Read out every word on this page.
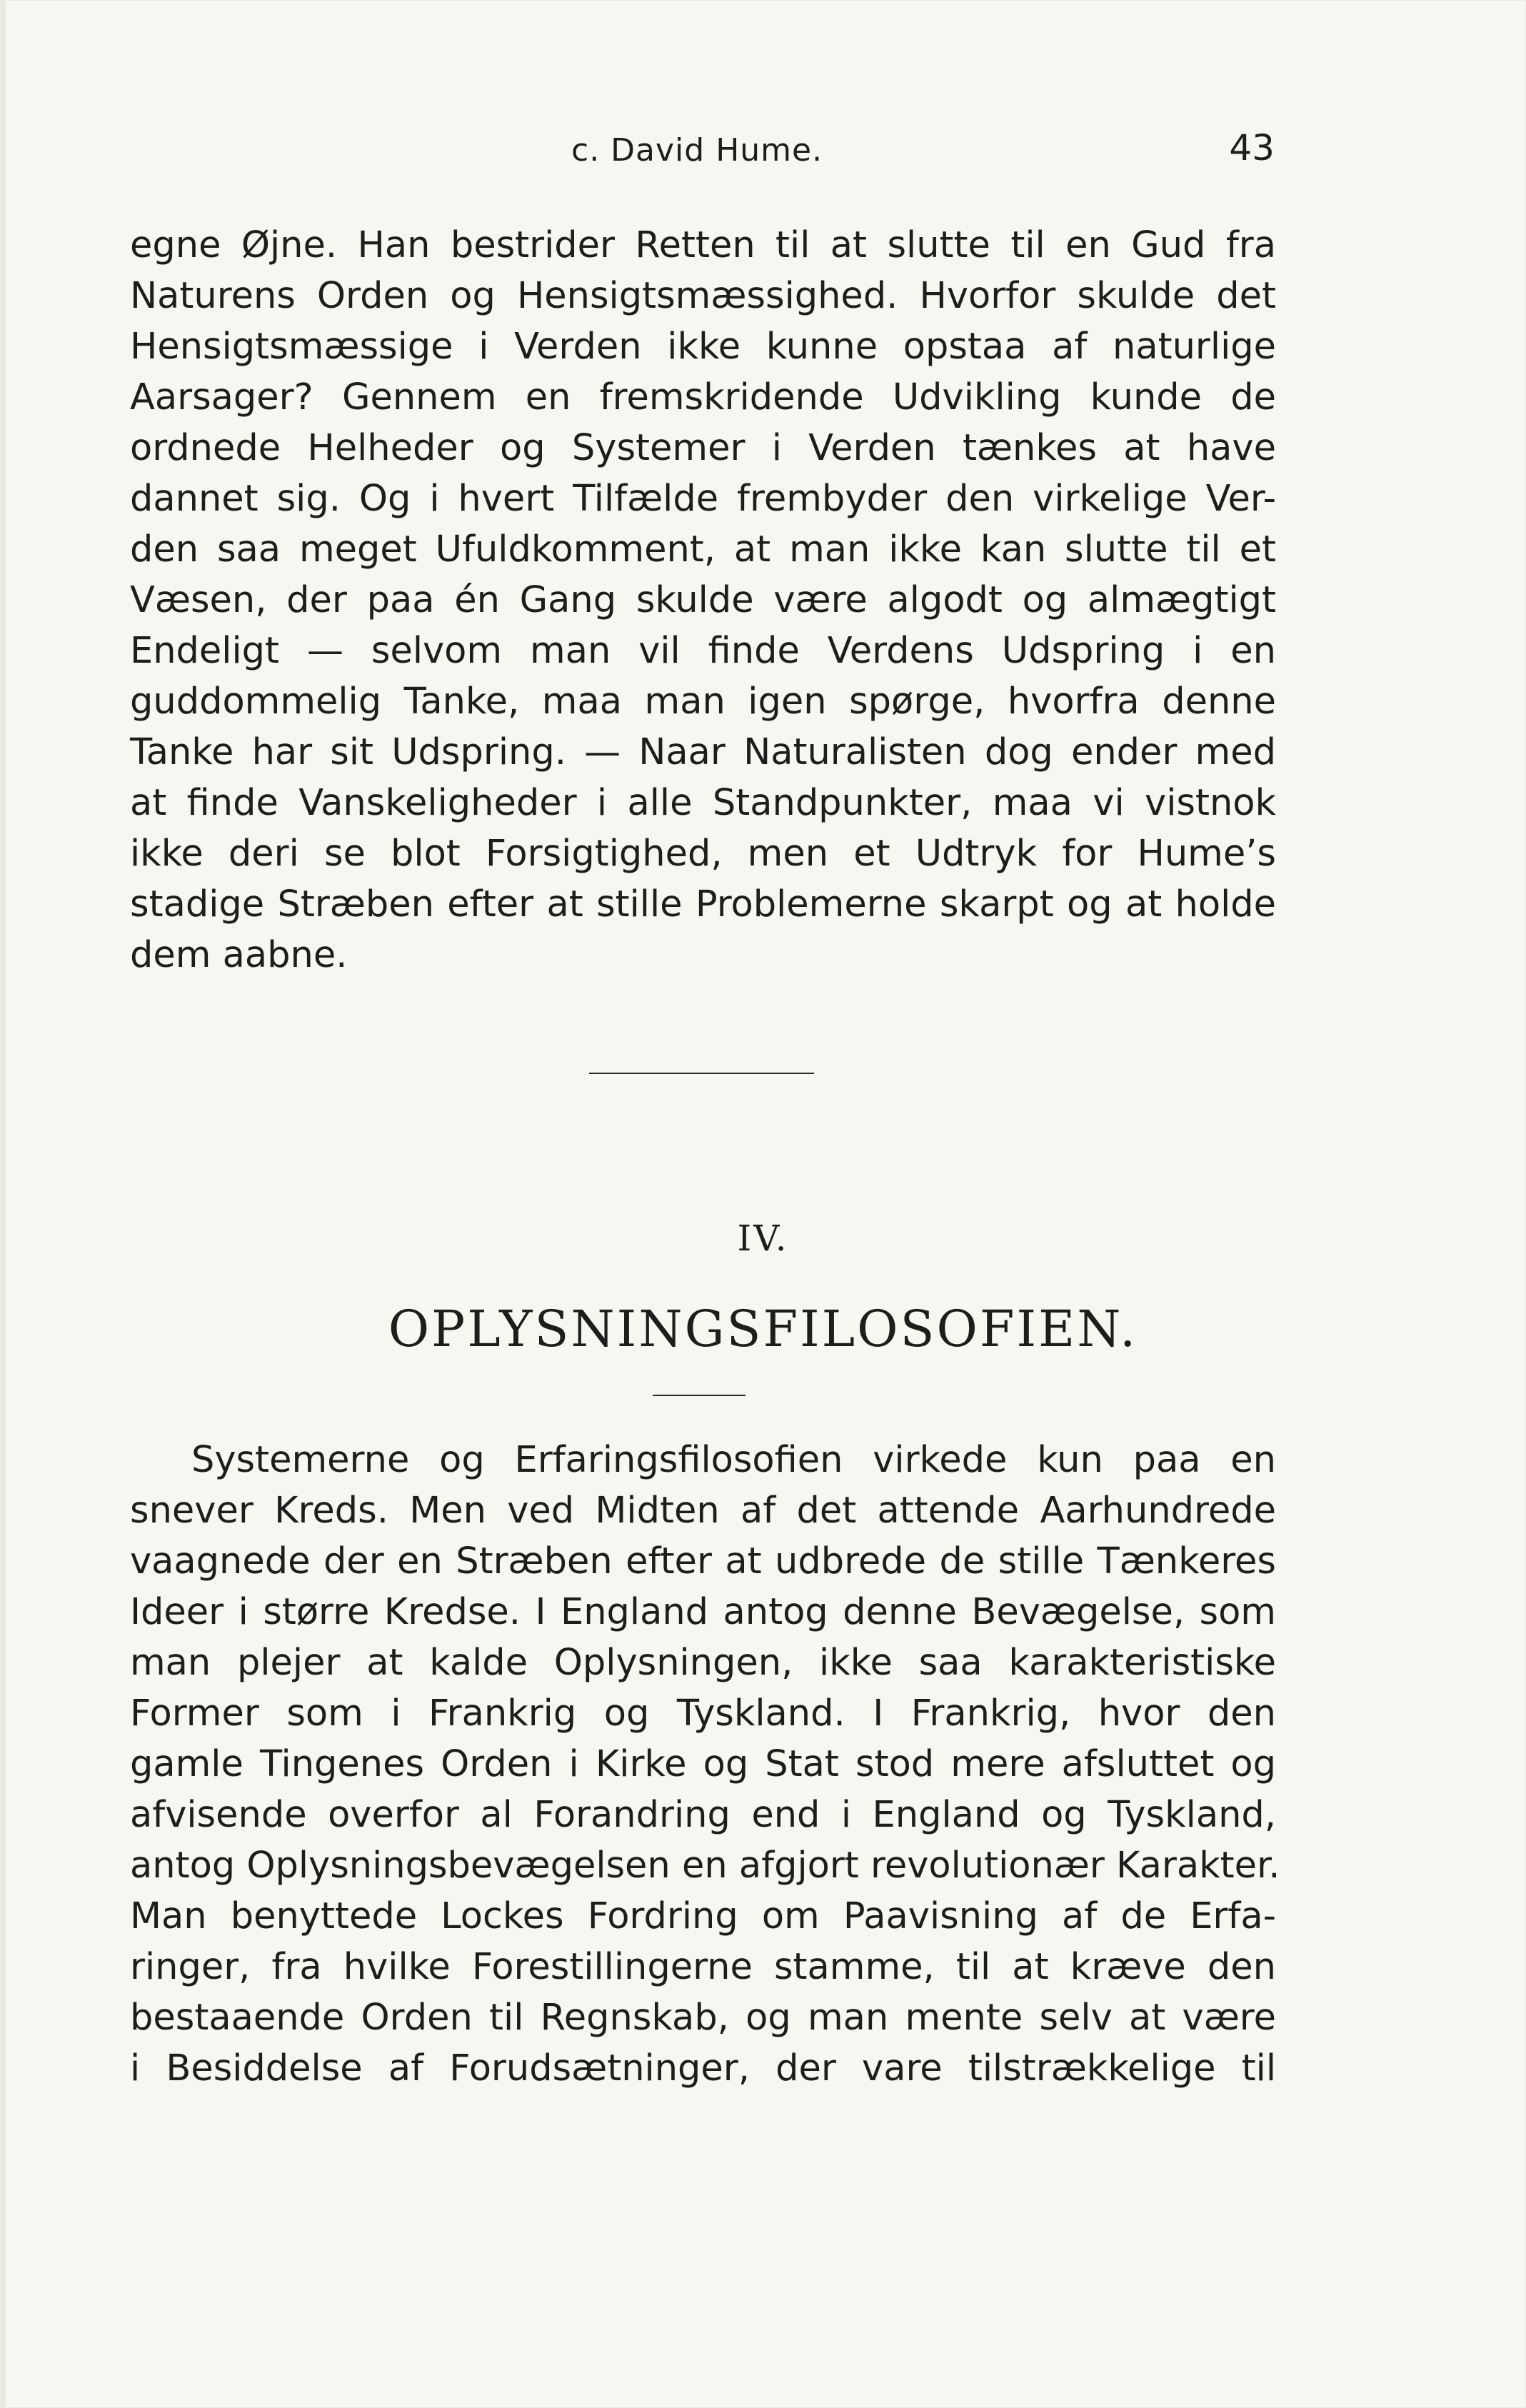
c. David Hume.	43
egne Øjne. Han bestrider Retten til at slutte til en Gud fra
Naturens Orden og Hensigtsmæssighed. Hvorfor skulde det
Hensigtsmæssige i Verden ikke kunne opstaa af naturlige
Aarsager? Gennem en fremskridende Udvikling kunde de
ordnede Helheder og Systemer i Verden tænkes at have
dannet sig. Og i hvert Tilfælde frembyder den virkelige Ver-
den saa meget Ufuldkomment, at man ikke kan slutte til et
Væsen, der paa én Gang skulde være algodt og almægtigt
Endeligt — selvom man vil finde Verdens Udspring i en
guddommelig Tanke, maa man igen spørge, hvorfra denne
Tanke har sit Udspring. — Naar Naturalisten dog ender med
at finde Vanskeligheder i alle Standpunkter, maa vi vistnok
ikke deri se blot Forsigtighed, men et Udtryk for Hume’s
stadige Stræben efter at stille Problemerne skarpt og at holde
dem aabne.
IV.
OPLYSNINGSFILOSOFIEN.
Systemerne og Erfaringsfilosofien virkede kun paa en
snever Kreds. Men ved Midten af det attende Aarhundrede
vaagnede der en Stræben efter at udbrede de stille Tænkeres
Ideer i større Kredse. I England antog denne Bevægelse, som
man plejer at kalde Oplysningen, ikke saa karakteristiske
Former som i Frankrig og Tyskland. I Frankrig, hvor den
gamle Tingenes Orden i Kirke og Stat stod mere afsluttet og
afvisende overfor al Forandring end i England og Tyskland,
antog Oplysningsbevægelsen en afgjort revolutionær Karakter.
Man benyttede Lockes Fordring om Paavisning af de Erfa-
ringer, fra hvilke Forestillingerne stamme, til at kræve den
bestaaende Orden til Regnskab, og man mente selv at være
i Besiddelse af Forudsætninger, der vare tilstrækkelige til
